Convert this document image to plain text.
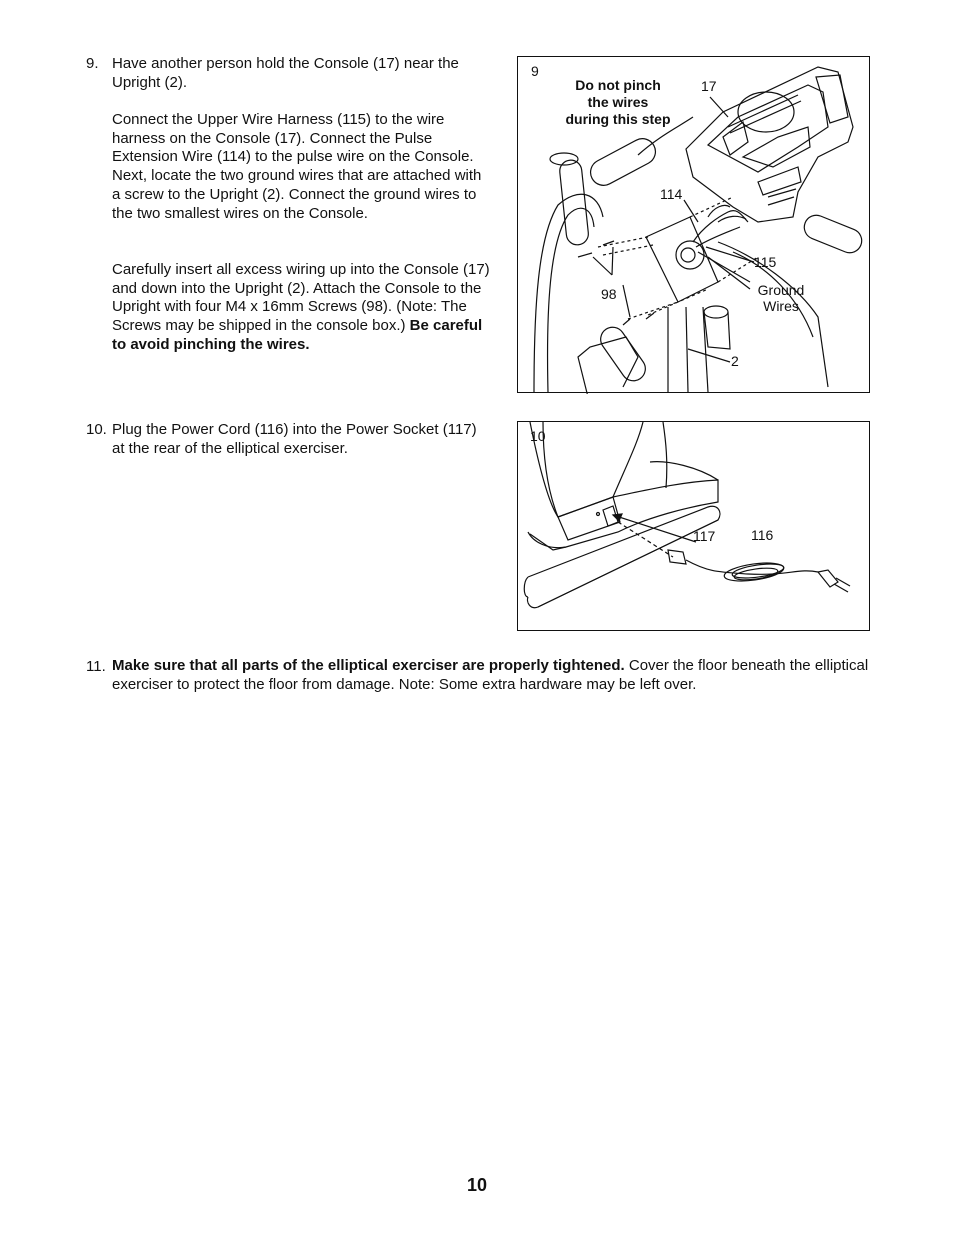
9. Have another person hold the Console (17) near the Upright (2).

Connect the Upper Wire Harness (115) to the wire harness on the Console (17). Connect the Pulse Extension Wire (114) to the pulse wire on the Console. Next, locate the two ground wires that are attached with a screw to the Upright (2). Connect the ground wires to the two smallest wires on the Console.

Carefully insert all excess wiring up into the Console (17) and down into the Upright (2). Attach the Console to the Upright with four M4 x 16mm Screws (98). (Note: The Screws may be shipped in the console box.) Be careful to avoid pinching the wires.

9
Do not pinch
the wires
during this step
17
114
115
98	Ground
Wires
2
10. Plug the Power Cord (116) into the Power Socket (117) at the rear of the elliptical exerciser.

10
117	116
11. Make sure that all parts of the elliptical exerciser are properly tightened. Cover the floor beneath the elliptical exerciser to protect the floor from damage. Note: Some extra hardware may be left over.

10
